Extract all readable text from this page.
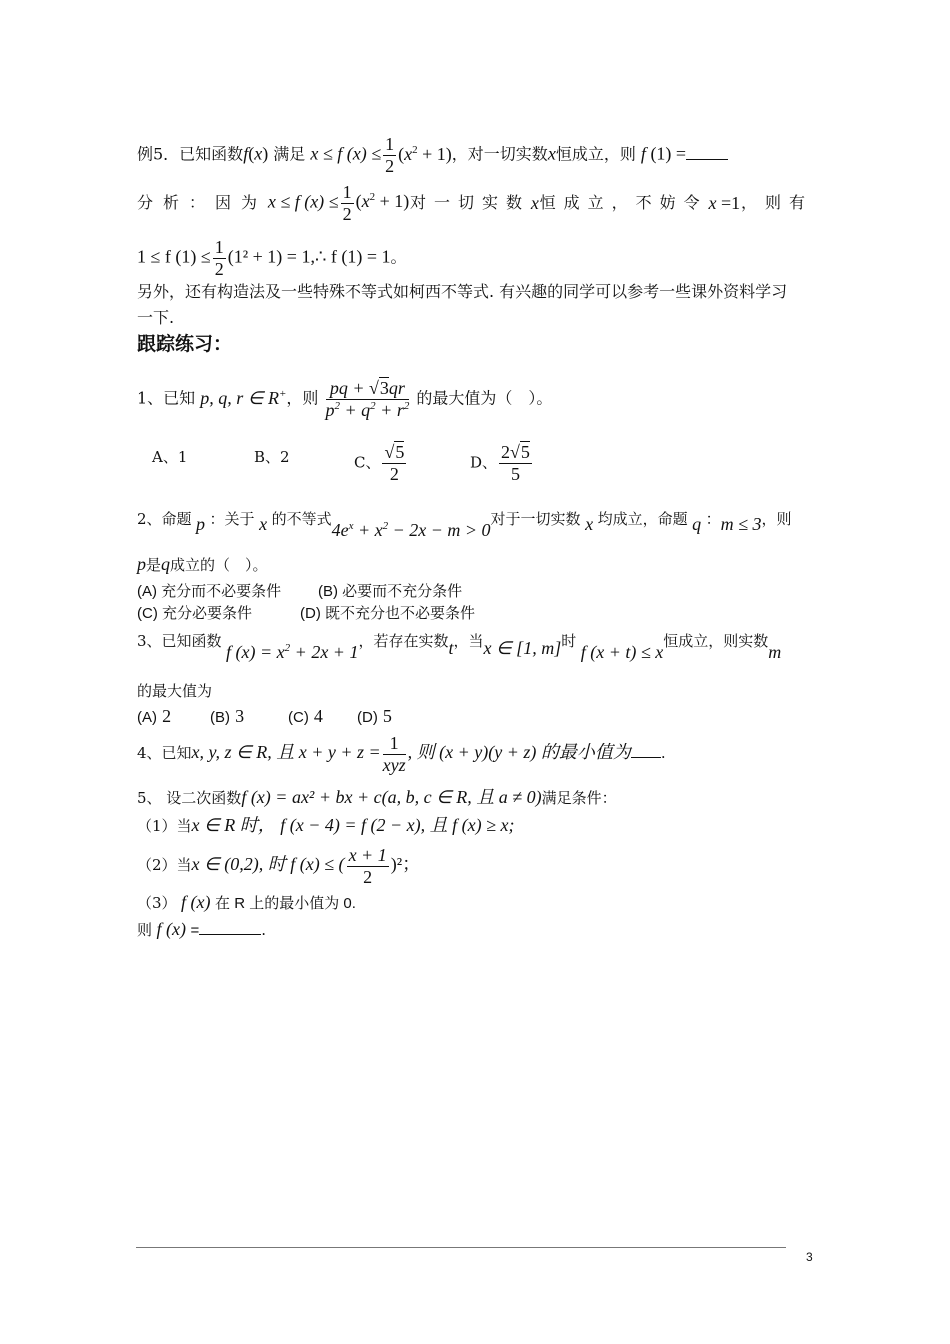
例5．已知函数f(x) 满足 x ≤ f $(x) \le \frac{1}{2} (x^2 + 1)$，对一切实数x恒成立，则 f (1) =
分析：因为 x ≤ f $(x) \le \frac{1}{2} (x^2 + 1)$ 对一切实数 x 恒成立，不妨令 x =1 ，则有
1 ≤ f $(1) \le \frac{1}{2} (1^2 + 1)$ = 1,∴ f (1) = 1。
另外，还有构造法及一些特殊不等式如柯西不等式. 有兴趣的同学可以参考一些课外资料学习
一下.
跟踪练习：
1、已知 p, q, r ∈ R+，则 $\frac{pq + √3qr}{p^2 + q^2 + r^2}$ 的最大值为（　）。
A、1	B、2	C、 $\frac{√5}{2}$	D、 $\frac{2√5}{5}$
2、命题 p ：关于 x 的不等式$4e^x + x^2 - 2x - m > 0$对于一切实数 x 均成立，命题 q ：m ≤ 3，则
p是q成立的（　）。
(A) 充分而不必要条件 (B) 必要而不充分条件
(C) 充分必要条件	(D) 既不充分也不必要条件
3、已知函数 f $(x) = x^2 + 2x + 1$，若存在实数t，当x ∈ [1, m]时 f (x + t) ≤ x恒成立，则实数m
的最大值为
(A) 2	(B) 3	(C) 4 (D) 5
4、已知x, y, z ∈ R, 且 $x + y + z = \frac{1}{\text{xyz}}$ , 则 (x + y)(y + z) 的最小值为 .
5、 设二次函数f (x) = ax² + bx + c(a, b, c ∈ R, 且 a ≠ 0)满足条件：
（1）当x ∈ R 时， f (x − 4) = f (2 − x), 且 f (x) ≥ x;
（2）当x ∈ (0,2), 时 f (x) ≤ ( $\frac{x + 1}{2} )^2$；
（3） f (x) 在 R 上的最小值为 0.
则 f (x) =	.
3
